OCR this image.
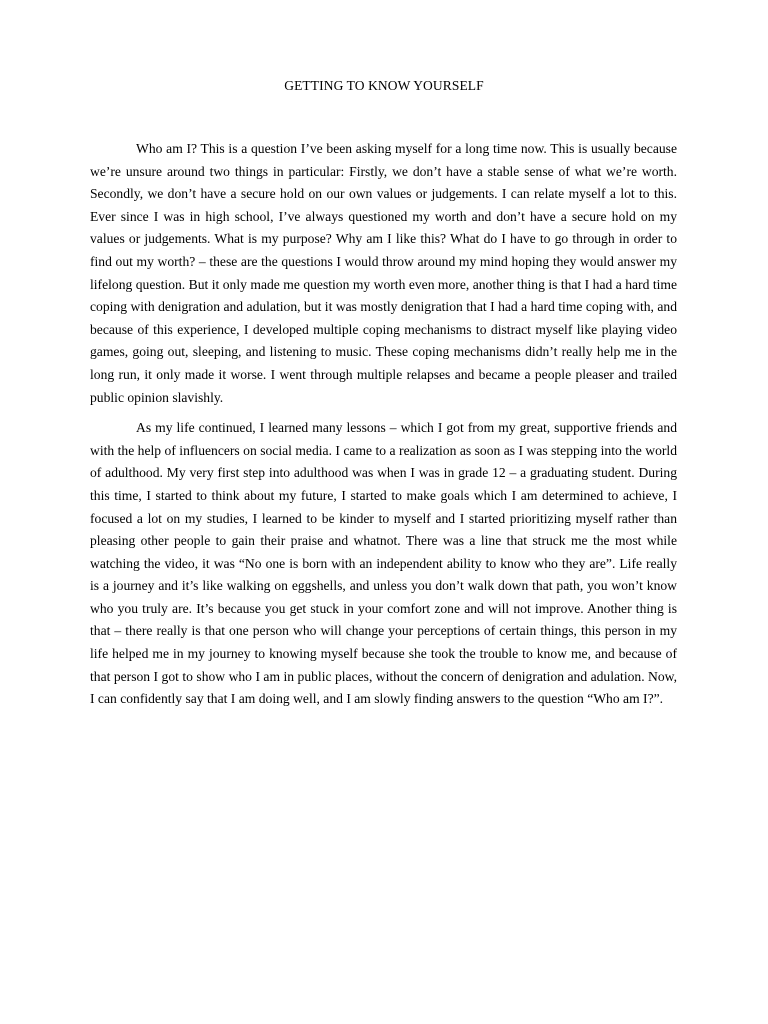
GETTING TO KNOW YOURSELF

Who am I? This is a question I’ve been asking myself for a long time now. This is usually because we’re unsure around two things in particular: Firstly, we don’t have a stable sense of what we’re worth. Secondly, we don’t have a secure hold on our own values or judgements. I can relate myself a lot to this. Ever since I was in high school, I’ve always questioned my worth and don’t have a secure hold on my values or judgements. What is my purpose? Why am I like this? What do I have to go through in order to find out my worth? – these are the questions I would throw around my mind hoping they would answer my lifelong question. But it only made me question my worth even more, another thing is that I had a hard time coping with denigration and adulation, but it was mostly denigration that I had a hard time coping with, and because of this experience, I developed multiple coping mechanisms to distract myself like playing video games, going out, sleeping, and listening to music. These coping mechanisms didn’t really help me in the long run, it only made it worse. I went through multiple relapses and became a people pleaser and trailed public opinion slavishly.

As my life continued, I learned many lessons – which I got from my great, supportive friends and with the help of influencers on social media. I came to a realization as soon as I was stepping into the world of adulthood. My very first step into adulthood was when I was in grade 12 – a graduating student. During this time, I started to think about my future, I started to make goals which I am determined to achieve, I focused a lot on my studies, I learned to be kinder to myself and I started prioritizing myself rather than pleasing other people to gain their praise and whatnot. There was a line that struck me the most while watching the video, it was “No one is born with an independent ability to know who they are”. Life really is a journey and it’s like walking on eggshells, and unless you don’t walk down that path, you won’t know who you truly are. It’s because you get stuck in your comfort zone and will not improve. Another thing is that – there really is that one person who will change your perceptions of certain things, this person in my life helped me in my journey to knowing myself because she took the trouble to know me, and because of that person I got to show who I am in public places, without the concern of denigration and adulation. Now, I can confidently say that I am doing well, and I am slowly finding answers to the question “Who am I?”.
